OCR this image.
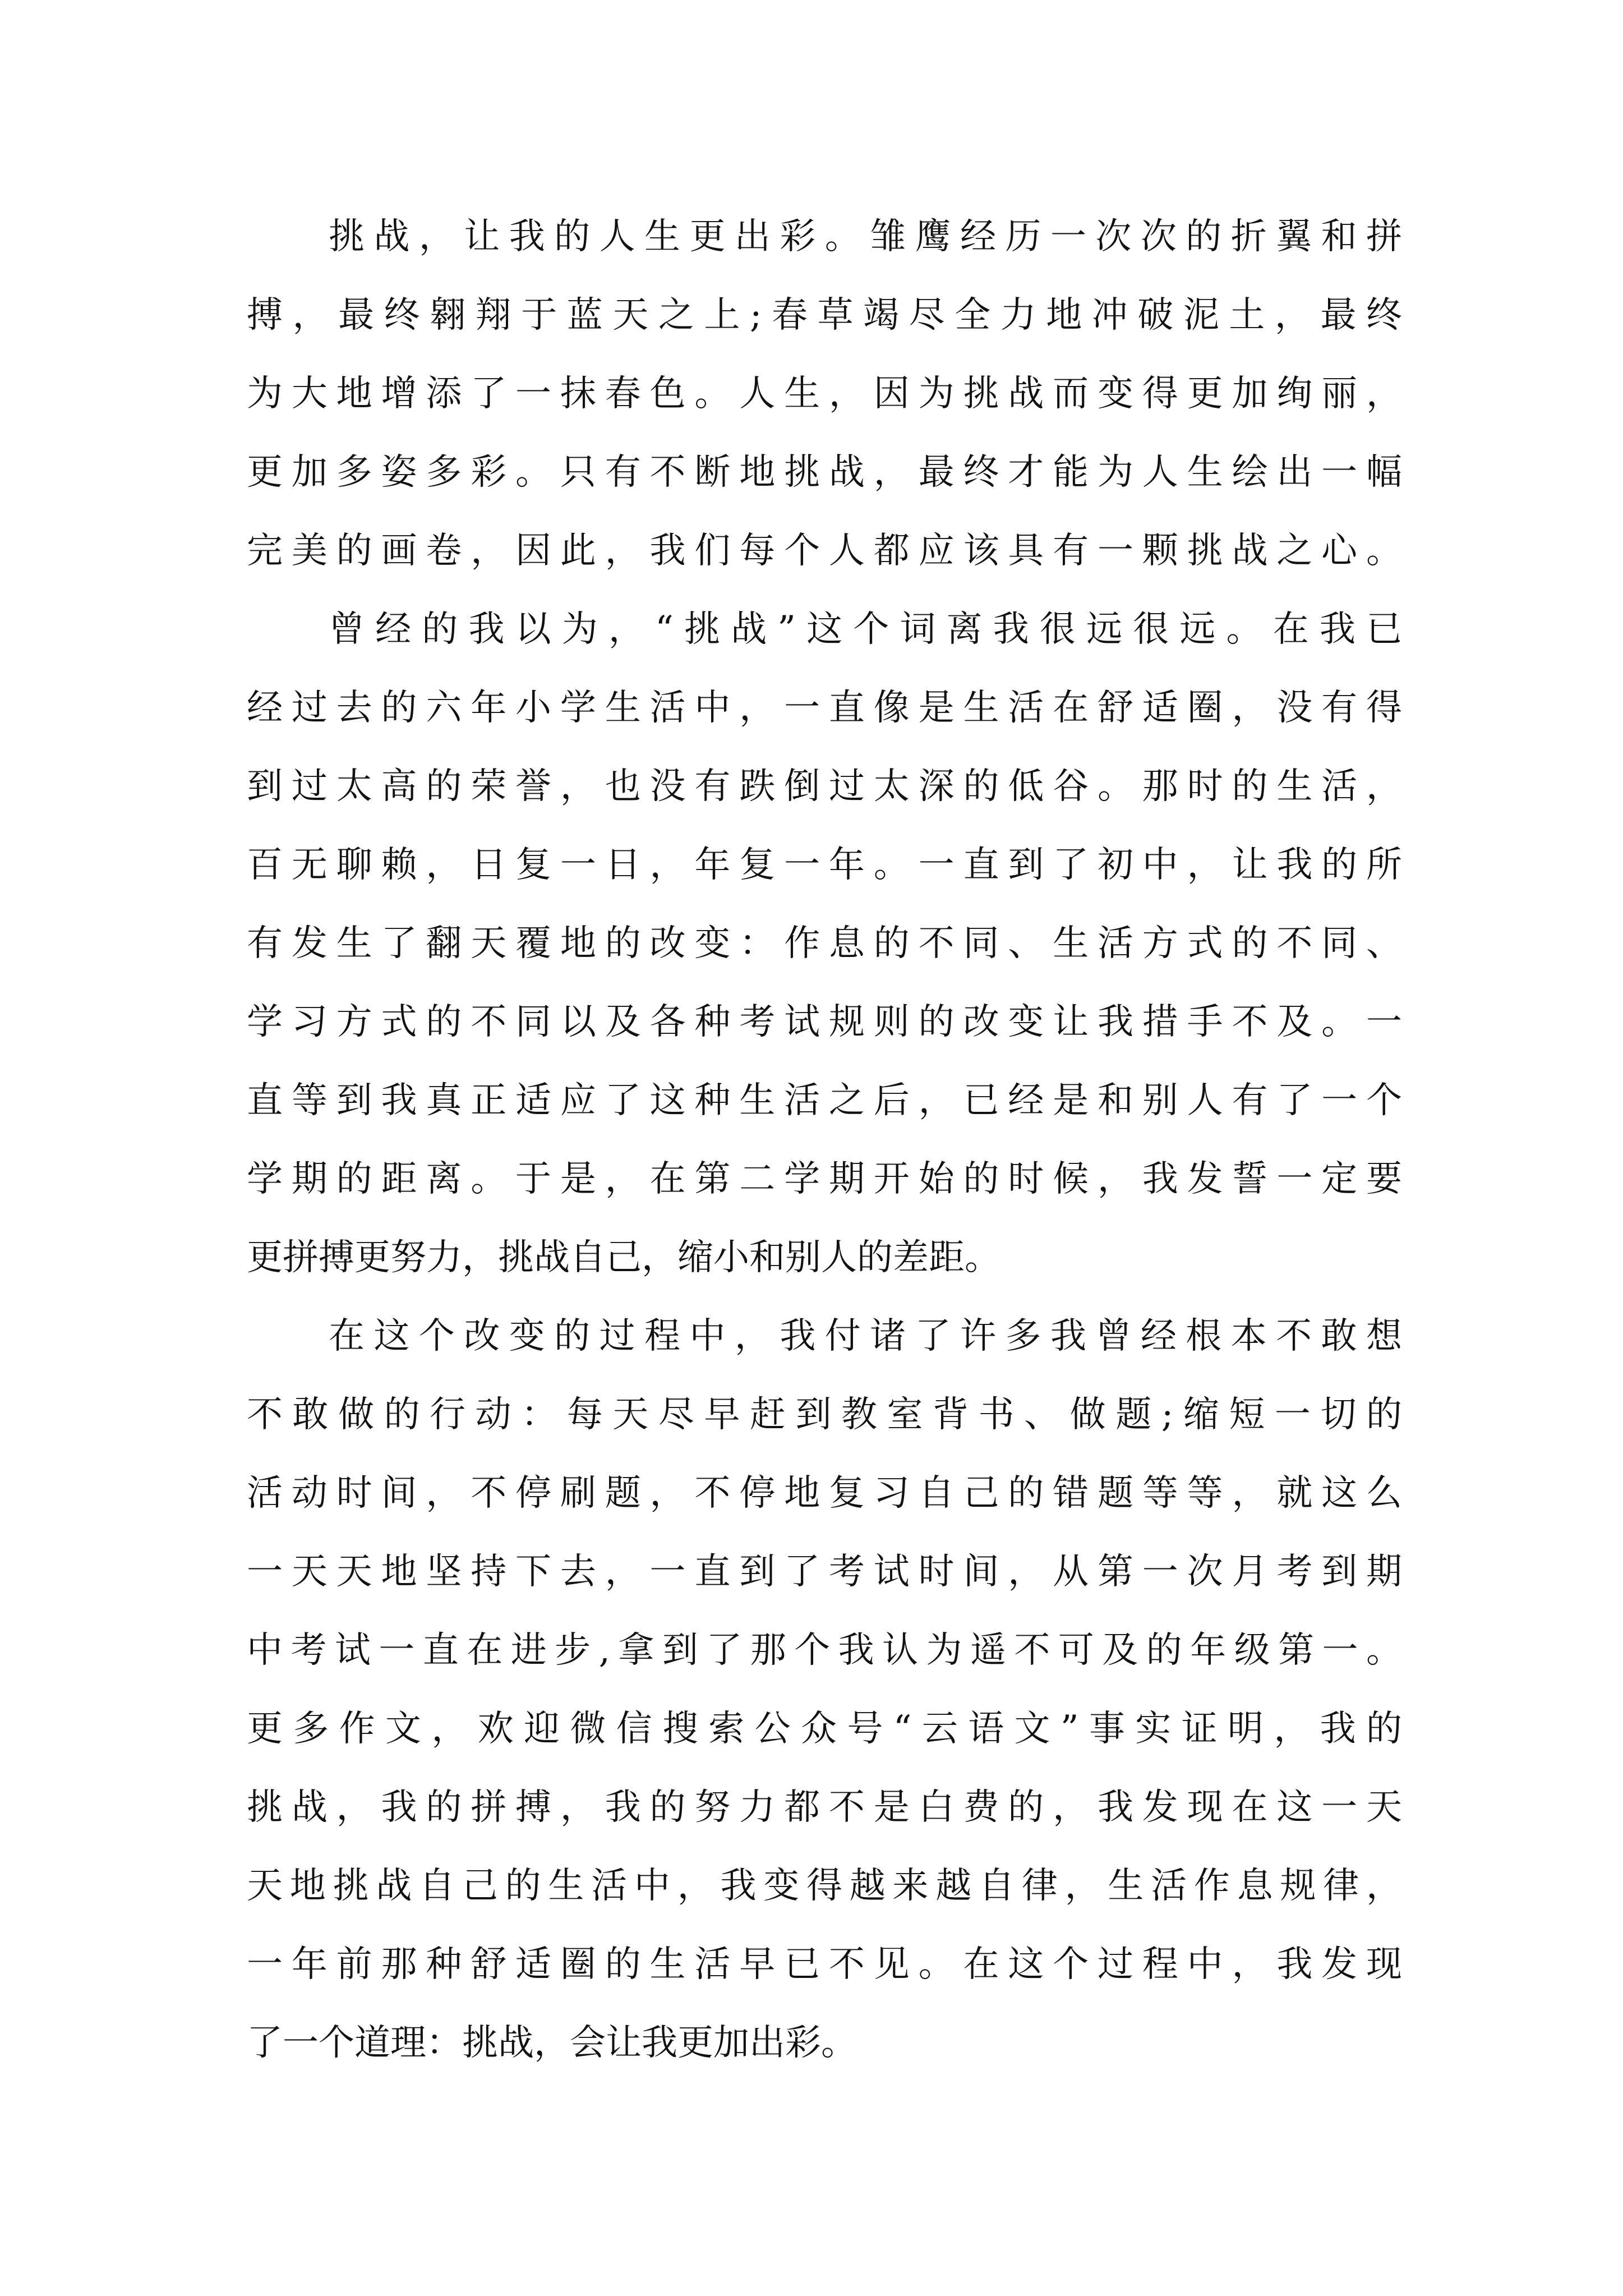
挑战，让我的人生更出彩。雏鹰经历一次次的折翼和拼
搏，最终翱翔于蓝天之上;春草竭尽全力地冲破泥土，最终
为大地增添了一抹春色。人生，因为挑战而变得更加绚丽，
更加多姿多彩。只有不断地挑战，最终才能为人生绘出一幅
完美的画卷，因此，我们每个人都应该具有一颗挑战之心。
曾经的我以为，“挑战”这个词离我很远很远。在我已
经过去的六年小学生活中，一直像是生活在舒适圈，没有得
到过太高的荣誉，也没有跌倒过太深的低谷。那时的生活，
百无聊赖，日复一日，年复一年。一直到了初中，让我的所
有发生了翻天覆地的改变：作息的不同、生活方式的不同、
学习方式的不同以及各种考试规则的改变让我措手不及。一
直等到我真正适应了这种生活之后，已经是和别人有了一个
学期的距离。于是，在第二学期开始的时候，我发誓一定要
更拼搏更努力，挑战自己，缩小和别人的差距。
在这个改变的过程中，我付诸了许多我曾经根本不敢想
不敢做的行动：每天尽早赶到教室背书、做题;缩短一切的
活动时间，不停刷题，不停地复习自己的错题等等，就这么
一天天地坚持下去，一直到了考试时间，从第一次月考到期
中考试一直在进步,拿到了那个我认为遥不可及的年级第一。
更多作文，欢迎微信搜索公众号“云语文”事实证明，我的
挑战，我的拼搏，我的努力都不是白费的，我发现在这一天
天地挑战自己的生活中，我变得越来越自律，生活作息规律，
一年前那种舒适圈的生活早已不见。在这个过程中，我发现
了一个道理：挑战，会让我更加出彩。
